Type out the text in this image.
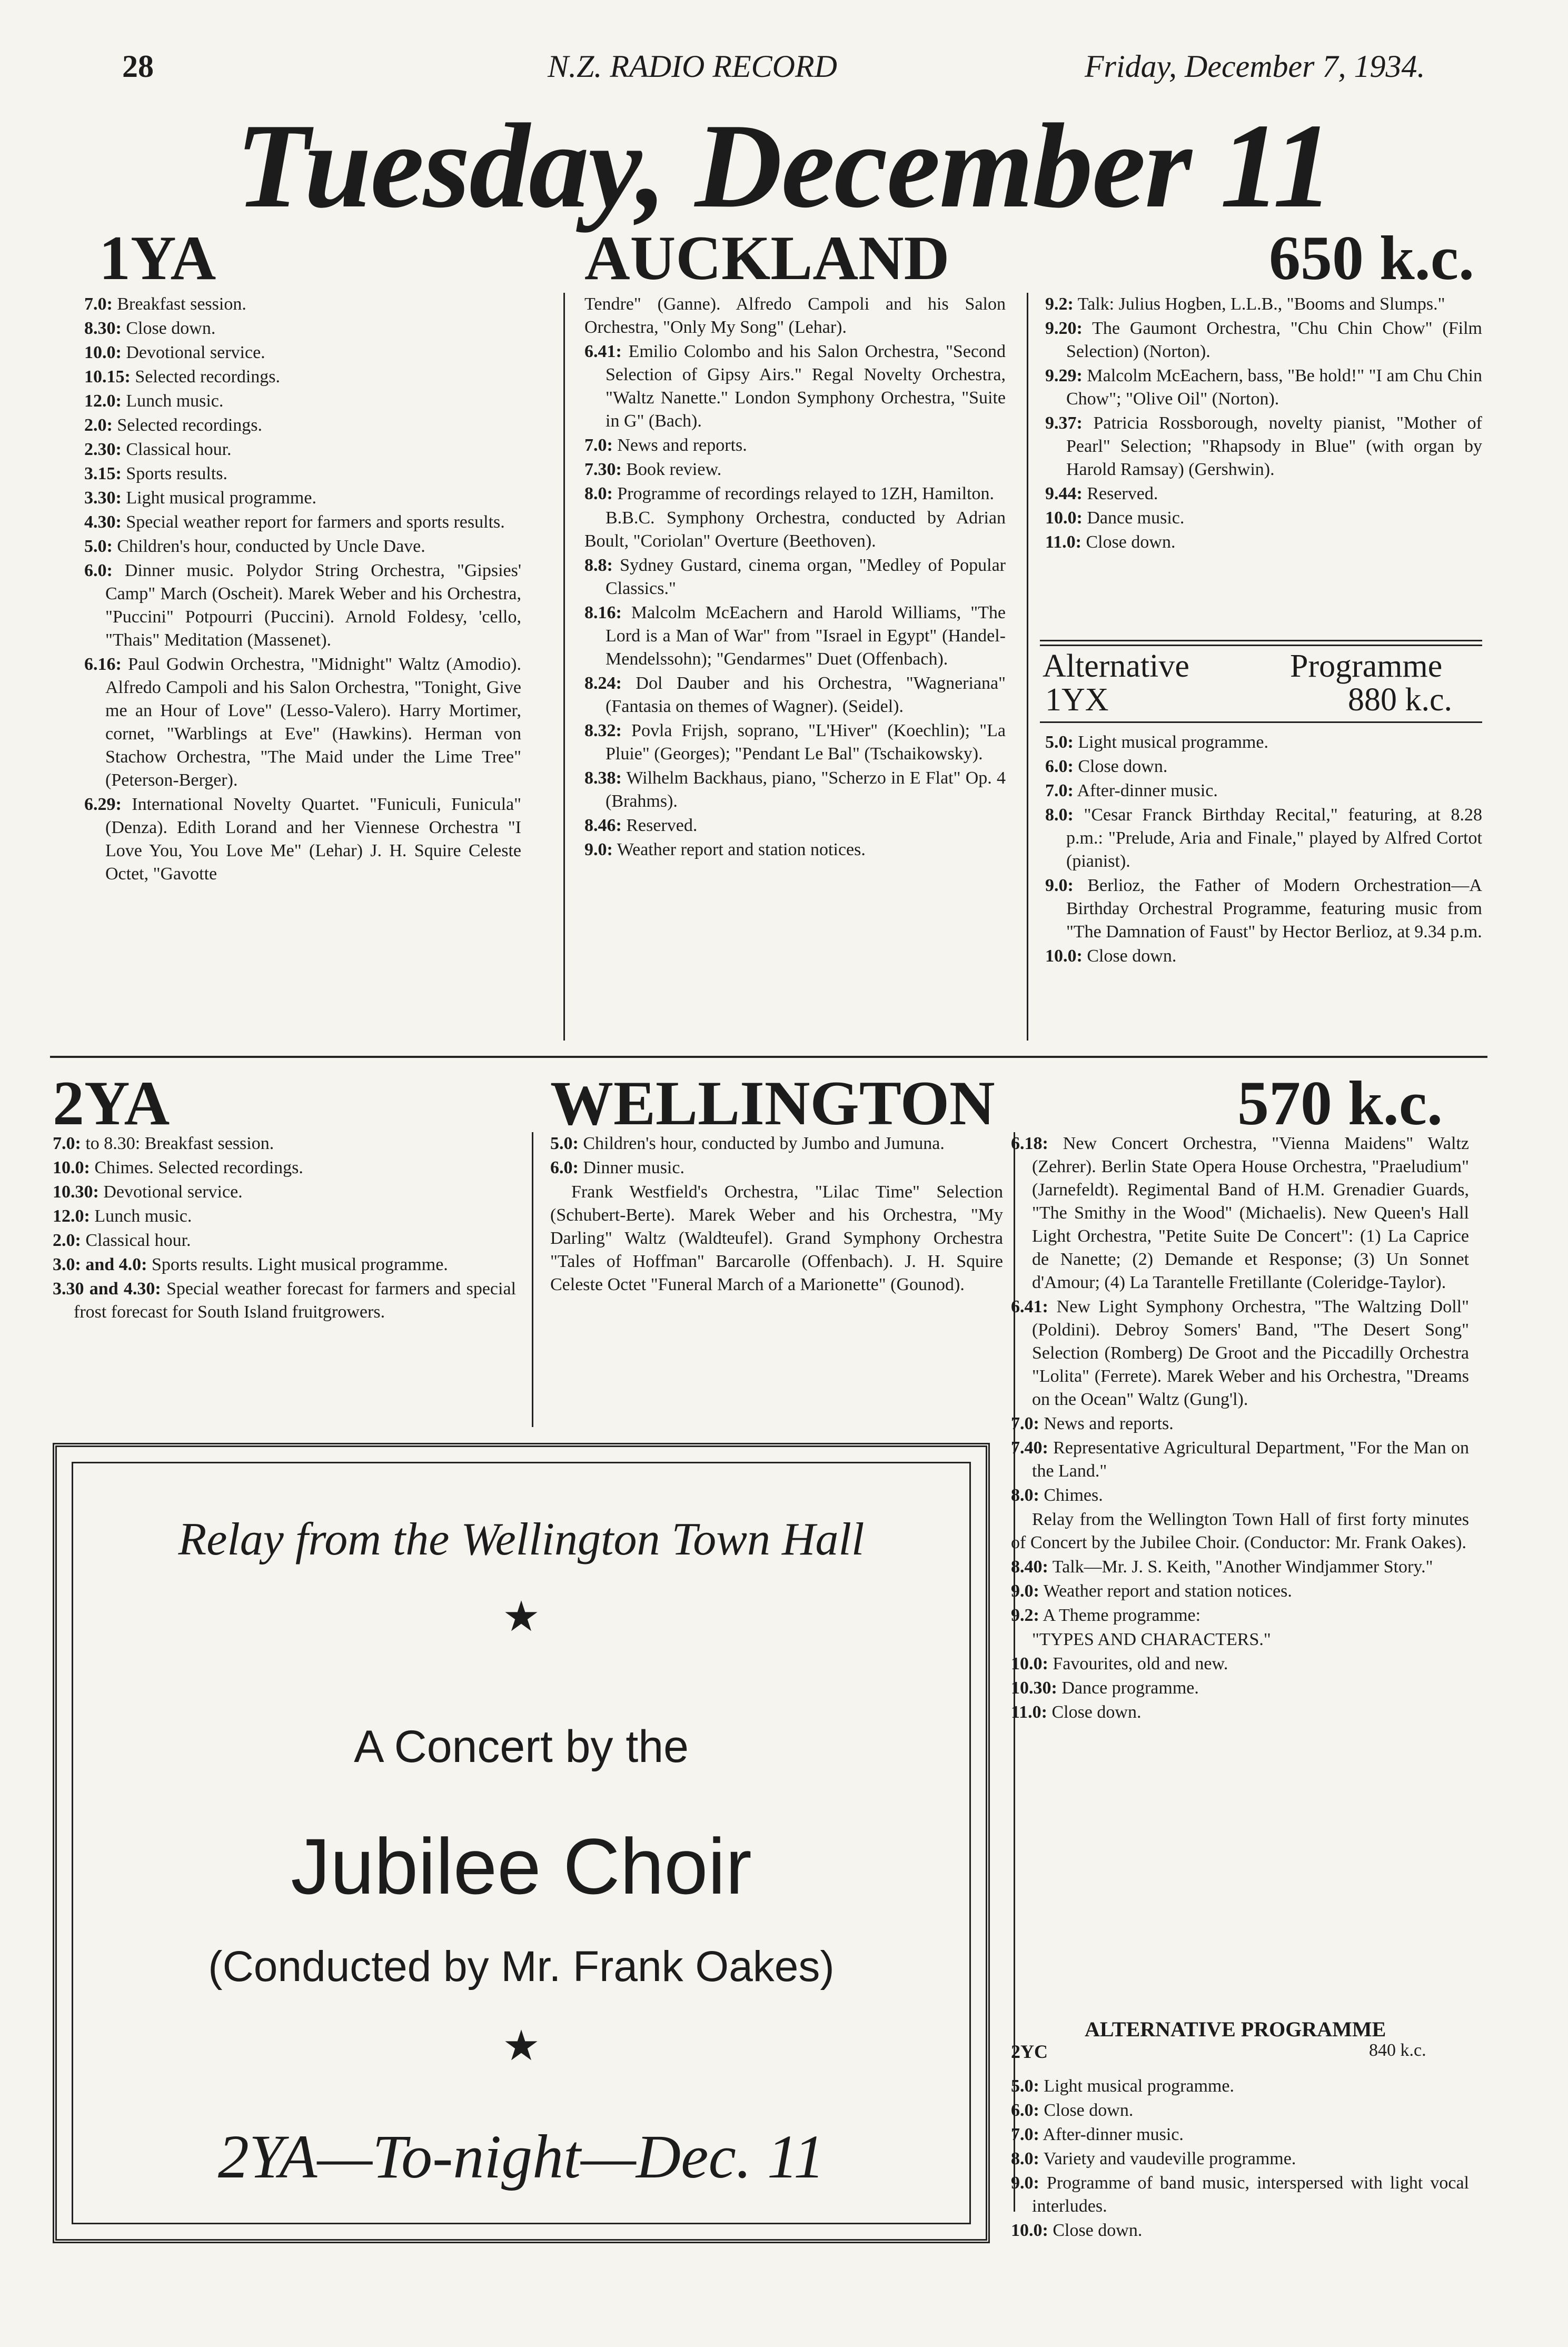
28	N.Z. RADIO RECORD	Friday, December 7, 1934.
Tuesday, December 11
1YA	AUCKLAND	650 k.c.

7.0: Breakfast session.

8.30: Close down.

10.0: Devotional service.

10.15: Selected recordings.

12.0: Lunch music.

2.0: Selected recordings.

2.30: Classical hour.

3.15: Sports results.

3.30: Light musical programme.

4.30: Special weather report for farmers and sports results.

5.0: Children's hour, conducted by Uncle Dave.

6.0: Dinner music. Polydor String Orchestra, "Gipsies' Camp" March (Oscheit). Marek Weber and his Orchestra, "Puccini" Potpourri (Puccini). Arnold Foldesy, 'cello, "Thais" Meditation (Massenet).

6.16: Paul Godwin Orchestra, "Midnight" Waltz (Amodio). Alfredo Campoli and his Salon Orchestra, "Tonight, Give me an Hour of Love" (Lesso-Valero). Harry Mortimer, cornet, "Warblings at Eve" (Hawkins). Herman von Stachow Orchestra, "The Maid under the Lime Tree" (Peterson-Berger).

6.29: International Novelty Quartet. "Funiculi, Funicula" (Denza). Edith Lorand and her Viennese Orchestra "I Love You, You Love Me" (Lehar) J. H. Squire Celeste Octet, "Gavotte

Tendre" (Ganne). Alfredo Campoli and his Salon Orchestra, "Only My Song" (Lehar).

6.41: Emilio Colombo and his Salon Orchestra, "Second Selection of Gipsy Airs." Regal Novelty Orchestra, "Waltz Nanette." London Symphony Orchestra, "Suite in G" (Bach).

7.0: News and reports.

7.30: Book review.

8.0: Programme of recordings relayed to 1ZH, Hamilton.

B.B.C. Symphony Orchestra, conducted by Adrian Boult, "Coriolan" Overture (Beethoven).

8.8: Sydney Gustard, cinema organ, "Medley of Popular Classics."

8.16: Malcolm McEachern and Harold Williams, "The Lord is a Man of War" from "Israel in Egypt" (Handel-Mendelssohn); "Gendarmes" Duet (Offenbach).

8.24: Dol Dauber and his Orchestra, "Wagneriana" (Fantasia on themes of Wagner). (Seidel).

8.32: Povla Frijsh, soprano, "L'Hiver" (Koechlin); "La Pluie" (Georges); "Pendant Le Bal" (Tschaikowsky).

8.38: Wilhelm Backhaus, piano, "Scherzo in E Flat" Op. 4 (Brahms).

8.46: Reserved.

9.0: Weather report and station notices.

9.2: Talk: Julius Hogben, L.L.B., "Booms and Slumps."

9.20: The Gaumont Orchestra, "Chu Chin Chow" (Film Selection) (Norton).

9.29: Malcolm McEachern, bass, "Be hold!" "I am Chu Chin Chow"; "Olive Oil" (Norton).

9.37: Patricia Rossborough, novelty pianist, "Mother of Pearl" Selection; "Rhapsody in Blue" (with organ by Harold Ramsay) (Gershwin).

9.44: Reserved.

10.0: Dance music.

11.0: Close down.

Alternative	Programme
1YX	880 k.c.

5.0: Light musical programme.

6.0: Close down.

7.0: After-dinner music.

8.0: "Cesar Franck Birthday Recital," featuring, at 8.28 p.m.: "Prelude, Aria and Finale," played by Alfred Cortot (pianist).

9.0: Berlioz, the Father of Modern Orchestration—A Birthday Orchestral Programme, featuring music from "The Damnation of Faust" by Hector Berlioz, at 9.34 p.m.

10.0: Close down.

2YA	WELLINGTON	570 k.c.

7.0: to 8.30: Breakfast session.

10.0: Chimes. Selected recordings.

10.30: Devotional service.

12.0: Lunch music.

2.0: Classical hour.

3.0: and 4.0: Sports results. Light musical programme.

3.30 and 4.30: Special weather forecast for farmers and special frost forecast for South Island fruitgrowers.

5.0: Children's hour, conducted by Jumbo and Jumuna.

6.0: Dinner music.

Frank Westfield's Orchestra, "Lilac Time" Selection (Schubert-Berte). Marek Weber and his Orchestra, "My Darling" Waltz (Waldteufel). Grand Symphony Orchestra "Tales of Hoffman" Barcarolle (Offenbach). J. H. Squire Celeste Octet "Funeral March of a Marionette" (Gounod).

6.18: New Concert Orchestra, "Vienna Maidens" Waltz (Zehrer). Berlin State Opera House Orchestra, "Praeludium" (Jarnefeldt). Regimental Band of H.M. Grenadier Guards, "The Smithy in the Wood" (Michaelis). New Queen's Hall Light Orchestra, "Petite Suite De Concert": (1) La Caprice de Nanette; (2) Demande et Response; (3) Un Sonnet d'Amour; (4) La Tarantelle Fretillante (Coleridge-Taylor).

6.41: New Light Symphony Orchestra, "The Waltzing Doll" (Poldini). Debroy Somers' Band, "The Desert Song" Selection (Romberg) De Groot and the Piccadilly Orchestra "Lolita" (Ferrete). Marek Weber and his Orchestra, "Dreams on the Ocean" Waltz (Gung'l).

7.0: News and reports.

7.40: Representative Agricultural Department, "For the Man on the Land."

8.0: Chimes.

Relay from the Wellington Town Hall of first forty minutes of Concert by the Jubilee Choir. (Conductor: Mr. Frank Oakes).

8.40: Talk—Mr. J. S. Keith, "Another Windjammer Story."

9.0: Weather report and station notices.

9.2: A Theme programme:

"TYPES AND CHARACTERS."

10.0: Favourites, old and new.

10.30: Dance programme.

11.0: Close down.

ALTERNATIVE PROGRAMME
2YC	840 k.c.

5.0: Light musical programme.

6.0: Close down.

7.0: After-dinner music.

8.0: Variety and vaudeville programme.

9.0: Programme of band music, interspersed with light vocal interludes.

10.0: Close down.

Relay from the Wellington Town Hall
★
A Concert by the
Jubilee Choir
(Conducted by Mr. Frank Oakes)
★
2YA—To-night—Dec. 11
